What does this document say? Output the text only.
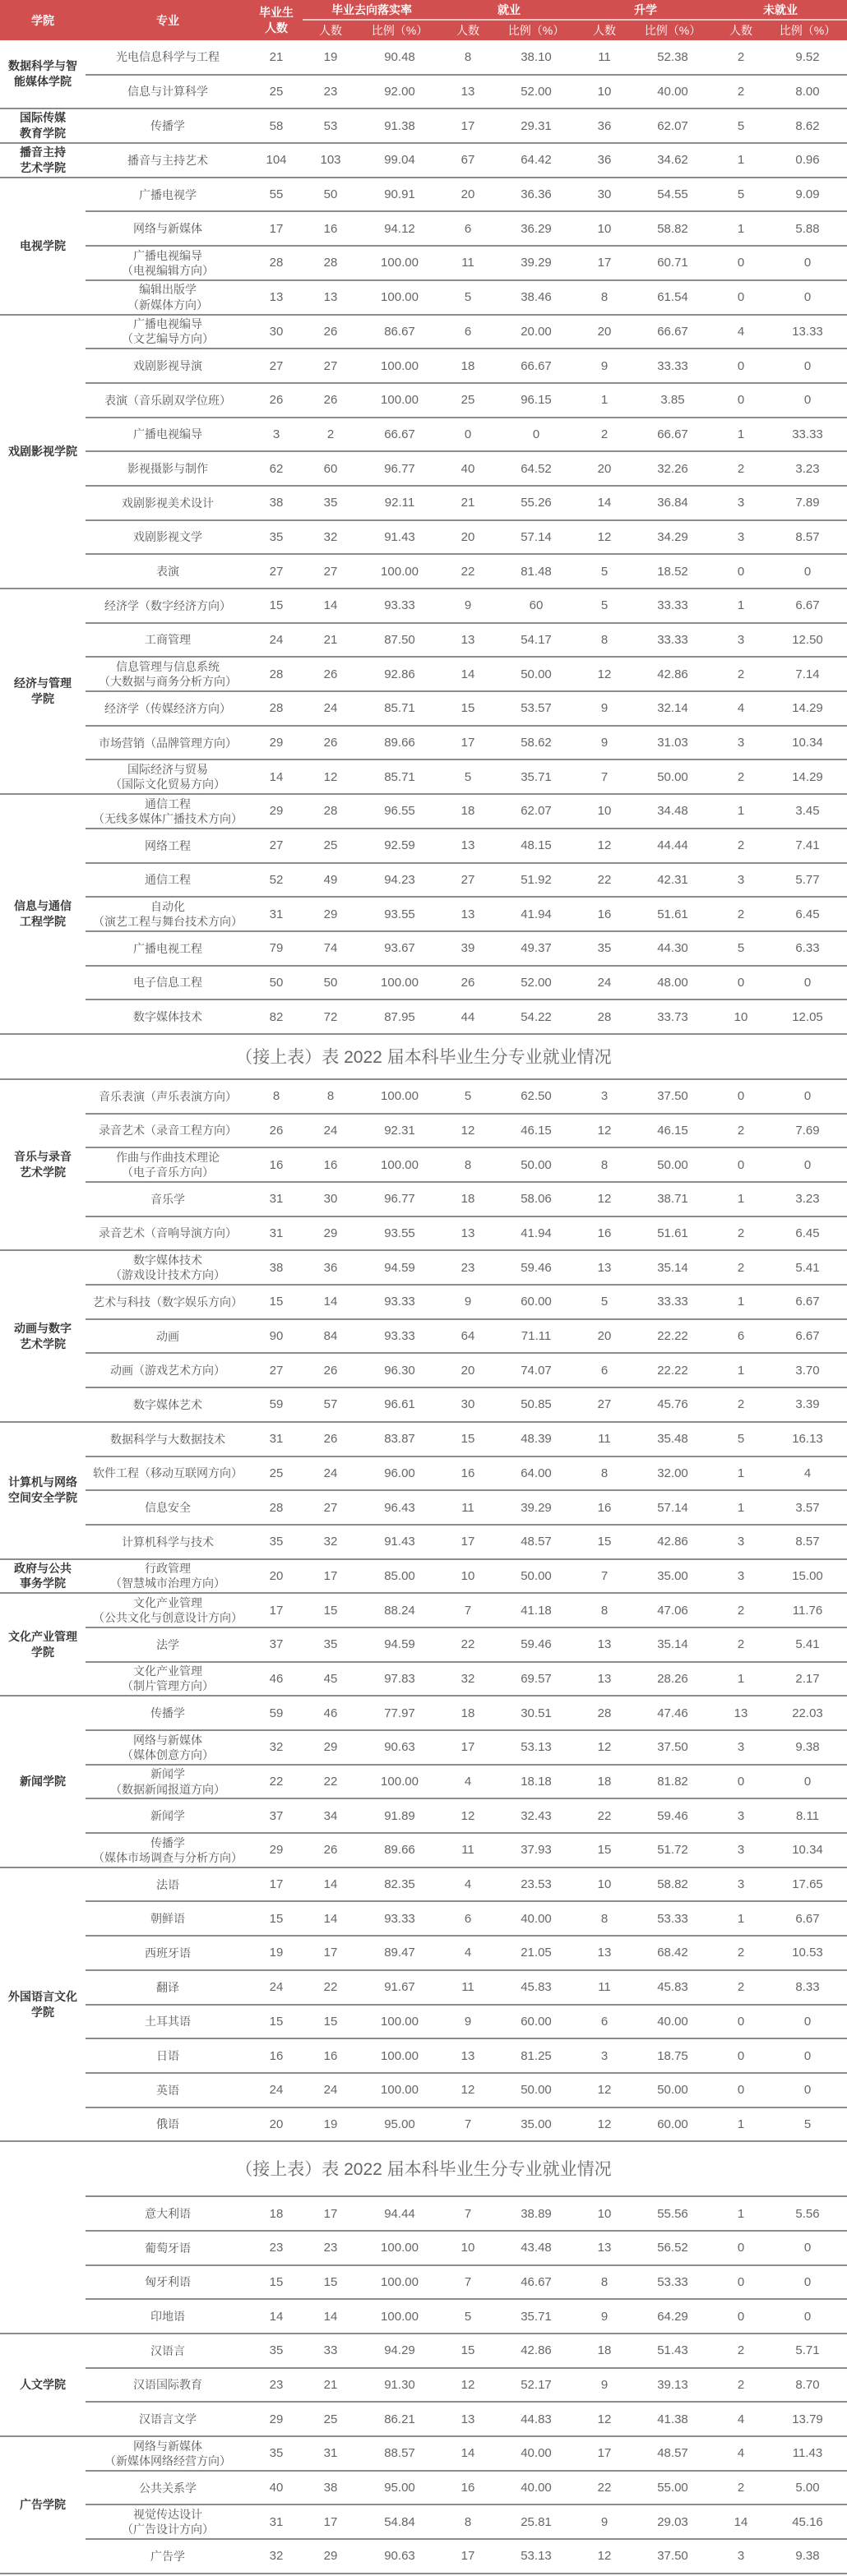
学院	专业	毕业生
人数	毕业去向落实率		就业		升学		未就业	
			人数	比例（%）	人数	比例（%）	人数	比例（%）	人数	比例（%）
数据科学与智
能媒体学院	光电信息科学与工程	21	19	90.48	8	38.10	11	52.38	2	9.52
	信息与计算科学	25	23	92.00	13	52.00	10	40.00	2	8.00
国际传媒
教育学院	传播学	58	53	91.38	17	29.31	36	62.07	5	8.62
播音主持
艺术学院	播音与主持艺术	104	103	99.04	67	64.42	36	34.62	1	0.96
电视学院	广播电视学	55	50	90.91	20	36.36	30	54.55	5	9.09
	网络与新媒体	17	16	94.12	6	36.29	10	58.82	1	5.88
	广播电视编导
（电视编辑方向）	28	28	100.00	11	39.29	17	60.71	0	0
	编辑出版学
（新媒体方向）	13	13	100.00	5	38.46	8	61.54	0	0
戏剧影视学院	广播电视编导
（文艺编导方向）	30	26	86.67	6	20.00	20	66.67	4	13.33
	戏剧影视导演	27	27	100.00	18	66.67	9	33.33	0	0
	表演（音乐剧双学位班）	26	26	100.00	25	96.15	1	3.85	0	0
	广播电视编导	3	2	66.67	0	0	2	66.67	1	33.33
	影视摄影与制作	62	60	96.77	40	64.52	20	32.26	2	3.23
	戏剧影视美术设计	38	35	92.11	21	55.26	14	36.84	3	7.89
	戏剧影视文学	35	32	91.43	20	57.14	12	34.29	3	8.57
	表演	27	27	100.00	22	81.48	5	18.52	0	0
经济与管理
学院	经济学（数字经济方向）	15	14	93.33	9	60	5	33.33	1	6.67
	工商管理	24	21	87.50	13	54.17	8	33.33	3	12.50
	信息管理与信息系统
（大数据与商务分析方向）	28	26	92.86	14	50.00	12	42.86	2	7.14
	经济学（传媒经济方向）	28	24	85.71	15	53.57	9	32.14	4	14.29
	市场营销（品牌管理方向）	29	26	89.66	17	58.62	9	31.03	3	10.34
	国际经济与贸易
（国际文化贸易方向）	14	12	85.71	5	35.71	7	50.00	2	14.29
信息与通信
工程学院	通信工程
（无线多媒体广播技术方向）	29	28	96.55	18	62.07	10	34.48	1	3.45
	网络工程	27	25	92.59	13	48.15	12	44.44	2	7.41
	通信工程	52	49	94.23	27	51.92	22	42.31	3	5.77
	自动化
（演艺工程与舞台技术方向）	31	29	93.55	13	41.94	16	51.61	2	6.45
	广播电视工程	79	74	93.67	39	49.37	35	44.30	5	6.33
	电子信息工程	50	50	100.00	26	52.00	24	48.00	0	0
	数字媒体技术	82	72	87.95	44	54.22	28	33.73	10	12.05
（接上表）表 2022 届本科毕业生分专业就业情况
音乐与录音
艺术学院	音乐表演（声乐表演方向）	8	8	100.00	5	62.50	3	37.50	0	0
	录音艺术（录音工程方向）	26	24	92.31	12	46.15	12	46.15	2	7.69
	作曲与作曲技术理论
（电子音乐方向）	16	16	100.00	8	50.00	8	50.00	0	0
	音乐学	31	30	96.77	18	58.06	12	38.71	1	3.23
	录音艺术（音响导演方向）	31	29	93.55	13	41.94	16	51.61	2	6.45
动画与数字
艺术学院	数字媒体技术
（游戏设计技术方向）	38	36	94.59	23	59.46	13	35.14	2	5.41
	艺术与科技（数字娱乐方向）	15	14	93.33	9	60.00	5	33.33	1	6.67
	动画	90	84	93.33	64	71.11	20	22.22	6	6.67
	动画（游戏艺术方向）	27	26	96.30	20	74.07	6	22.22	1	3.70
	数字媒体艺术	59	57	96.61	30	50.85	27	45.76	2	3.39
计算机与网络
空间安全学院	数据科学与大数据技术	31	26	83.87	15	48.39	11	35.48	5	16.13
	软件工程（移动互联网方向）	25	24	96.00	16	64.00	8	32.00	1	4
	信息安全	28	27	96.43	11	39.29	16	57.14	1	3.57
	计算机科学与技术	35	32	91.43	17	48.57	15	42.86	3	8.57
政府与公共
事务学院	行政管理
（智慧城市治理方向）	20	17	85.00	10	50.00	7	35.00	3	15.00
文化产业管理
学院	文化产业管理
（公共文化与创意设计方向）	17	15	88.24	7	41.18	8	47.06	2	11.76
	法学	37	35	94.59	22	59.46	13	35.14	2	5.41
	文化产业管理
（制片管理方向）	46	45	97.83	32	69.57	13	28.26	1	2.17
新闻学院	传播学	59	46	77.97	18	30.51	28	47.46	13	22.03
	网络与新媒体
（媒体创意方向）	32	29	90.63	17	53.13	12	37.50	3	9.38
	新闻学
（数据新闻报道方向）	22	22	100.00	4	18.18	18	81.82	0	0
	新闻学	37	34	91.89	12	32.43	22	59.46	3	8.11
	传播学
（媒体市场调查与分析方向）	29	26	89.66	11	37.93	15	51.72	3	10.34
外国语言文化
学院	法语	17	14	82.35	4	23.53	10	58.82	3	17.65
	朝鲜语	15	14	93.33	6	40.00	8	53.33	1	6.67
	西班牙语	19	17	89.47	4	21.05	13	68.42	2	10.53
	翻译	24	22	91.67	11	45.83	11	45.83	2	8.33
	土耳其语	15	15	100.00	9	60.00	6	40.00	0	0
	日语	16	16	100.00	13	81.25	3	18.75	0	0
	英语	24	24	100.00	12	50.00	12	50.00	0	0
	俄语	20	19	95.00	7	35.00	12	60.00	1	5
（接上表）表 2022 届本科毕业生分专业就业情况
	意大利语	18	17	94.44	7	38.89	10	55.56	1	5.56
	葡萄牙语	23	23	100.00	10	43.48	13	56.52	0	0
	匈牙利语	15	15	100.00	7	46.67	8	53.33	0	0
	印地语	14	14	100.00	5	35.71	9	64.29	0	0
人文学院	汉语言	35	33	94.29	15	42.86	18	51.43	2	5.71
	汉语国际教育	23	21	91.30	12	52.17	9	39.13	2	8.70
	汉语言文学	29	25	86.21	13	44.83	12	41.38	4	13.79
广告学院	网络与新媒体
（新媒体网络经营方向）	35	31	88.57	14	40.00	17	48.57	4	11.43
	公共关系学	40	38	95.00	16	40.00	22	55.00	2	5.00
	视觉传达设计
（广告设计方向）	31	17	54.84	8	25.81	9	29.03	14	45.16
	广告学	32	29	90.63	17	53.13	12	37.50	3	9.38
